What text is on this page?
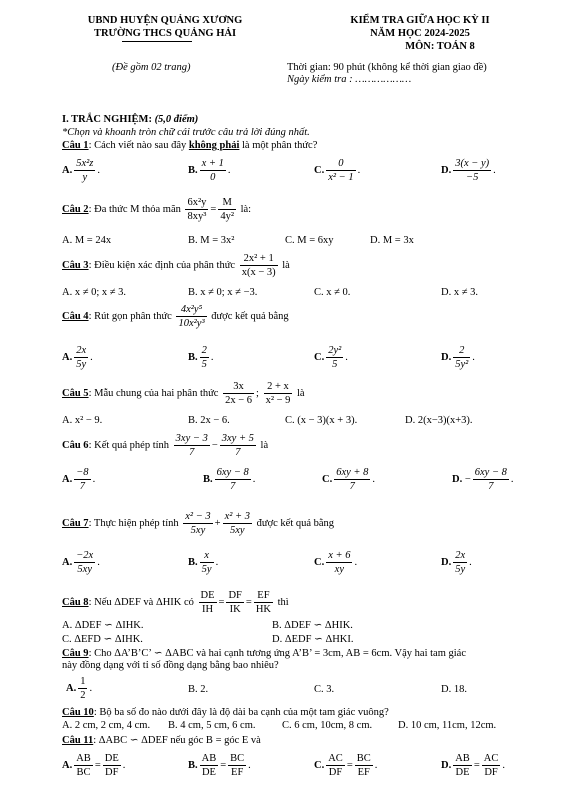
UBND HUYỆN QUẢNG XƯƠNG
TRƯỜNG THCS QUẢNG HẢI
KIỂM TRA GIỮA HỌC KỲ II
NĂM HỌC 2024-2025
MÔN: TOÁN 8
(Đề gồm 02 trang)	Thời gian: 90 phút (không kể thời gian giao đề)
Ngày kiểm tra : ………………
I. TRẮC NGHIỆM: (5,0 điểm)
*Chọn và khoanh tròn chữ cái trước câu trả lời đúng nhất.
Câu 1: Cách viết nào sau đây không phải là một phân thức?
A. $\frac{\text{5x²z}}{y}$ .	B. $\frac{x + 1}{0}$ .	C. $\frac{0}{\text{x² − 1}}$ .	D. $\frac{3(x - y)}{-5}$ .
Câu 2: Đa thức M thỏa mãn $\frac{\text{6x²y}}{\text{8xy³}} = \frac{M}{\text{4y²}}$ là:
A. M = 24x	B. M = 3x²	C. M = 6xy	D. M = 3x
Câu 3: Điều kiện xác định của phân thức $\frac{\text{2x² + 1}}{x(x - 3)}$ là
A. x ≠ 0; x ≠ 3.	B. x ≠ 0; x ≠ −3.	C. x ≠ 0.	D. x ≠ 3.
Câu 4: Rút gọn phân thức $\frac{\text{4x²y⁵}}{\text{10x²y³}}$ được kết quả bằng
A. $\frac{2x}{5y}$ .	B. $\frac{2}{5}$ .	C. $\frac{\text{2y²}}{5}$ .	D. $\frac{2}{\text{5y²}}$ .
Câu 5: Mẫu chung của hai phân thức $\frac{3x}{2x - 6}$ ; $\frac{2 + x}{\text{x² − 9}}$ là
A. x² − 9.	B. 2x − 6.	C. (x − 3)(x + 3).	D. 2(x−3)(x+3).
Câu 6: Kết quả phép tính $\frac{3xy - 3}{7} - \frac{3xy + 5}{7}$ là
A. $\frac{-8}{7}$ .	B. $\frac{6xy - 8}{7}$ .	C. $\frac{6xy + 8}{7}$ .	D. − $\frac{6xy - 8}{7}$ .
Câu 7: Thực hiện phép tính $\frac{\text{x² − 3}}{5xy} + \frac{\text{x² + 3}}{5xy}$ được kết quả bằng
A. $\frac{-2x}{5xy}$ .	B. $\frac{x}{5y}$ .	C. $\frac{x + 6}{xy}$ .	D. $\frac{2x}{5y}$ .
Câu 8: Nếu ΔDEF và ΔHIK có $\frac{DE}{IH} = \frac{DF}{IK} = \frac{EF}{HK}$ thì
A. ΔDEF ∽ ΔIHK.	B. ΔDEF ∽ ΔHIK.
C. ΔEFD ∽ ΔIHK.	D. ΔEDF ∽ ΔHKI.
Câu 9: Cho ΔA’B’C’ ∽ ΔABC và hai cạnh tương ứng A’B’ = 3cm, AB = 6cm. Vậy hai tam giác
này đồng dạng với tỉ số đồng dạng bằng bao nhiêu?
A. $\frac{1}{2}$ .	B. 2.	C. 3.	D. 18.
Câu 10: Bộ ba số đo nào dưới đây là độ dài ba cạnh của một tam giác vuông?
A. 2 cm, 2 cm, 4 cm. B. 4 cm, 5 cm, 6 cm.	C. 6 cm, 10cm, 8 cm. D. 10 cm, 11cm, 12cm.
Câu 11: ΔABC ∽ ΔDEF nếu góc B = góc E và
A. $\frac{AB}{BC} = \frac{DE}{DF}$ .	B. $\frac{AB}{DE} = \frac{BC}{EF}$ .	C. $\frac{AC}{DF} = \frac{BC}{EF}$ .	D. $\frac{AB}{DE} = \frac{AC}{DF}$ .
